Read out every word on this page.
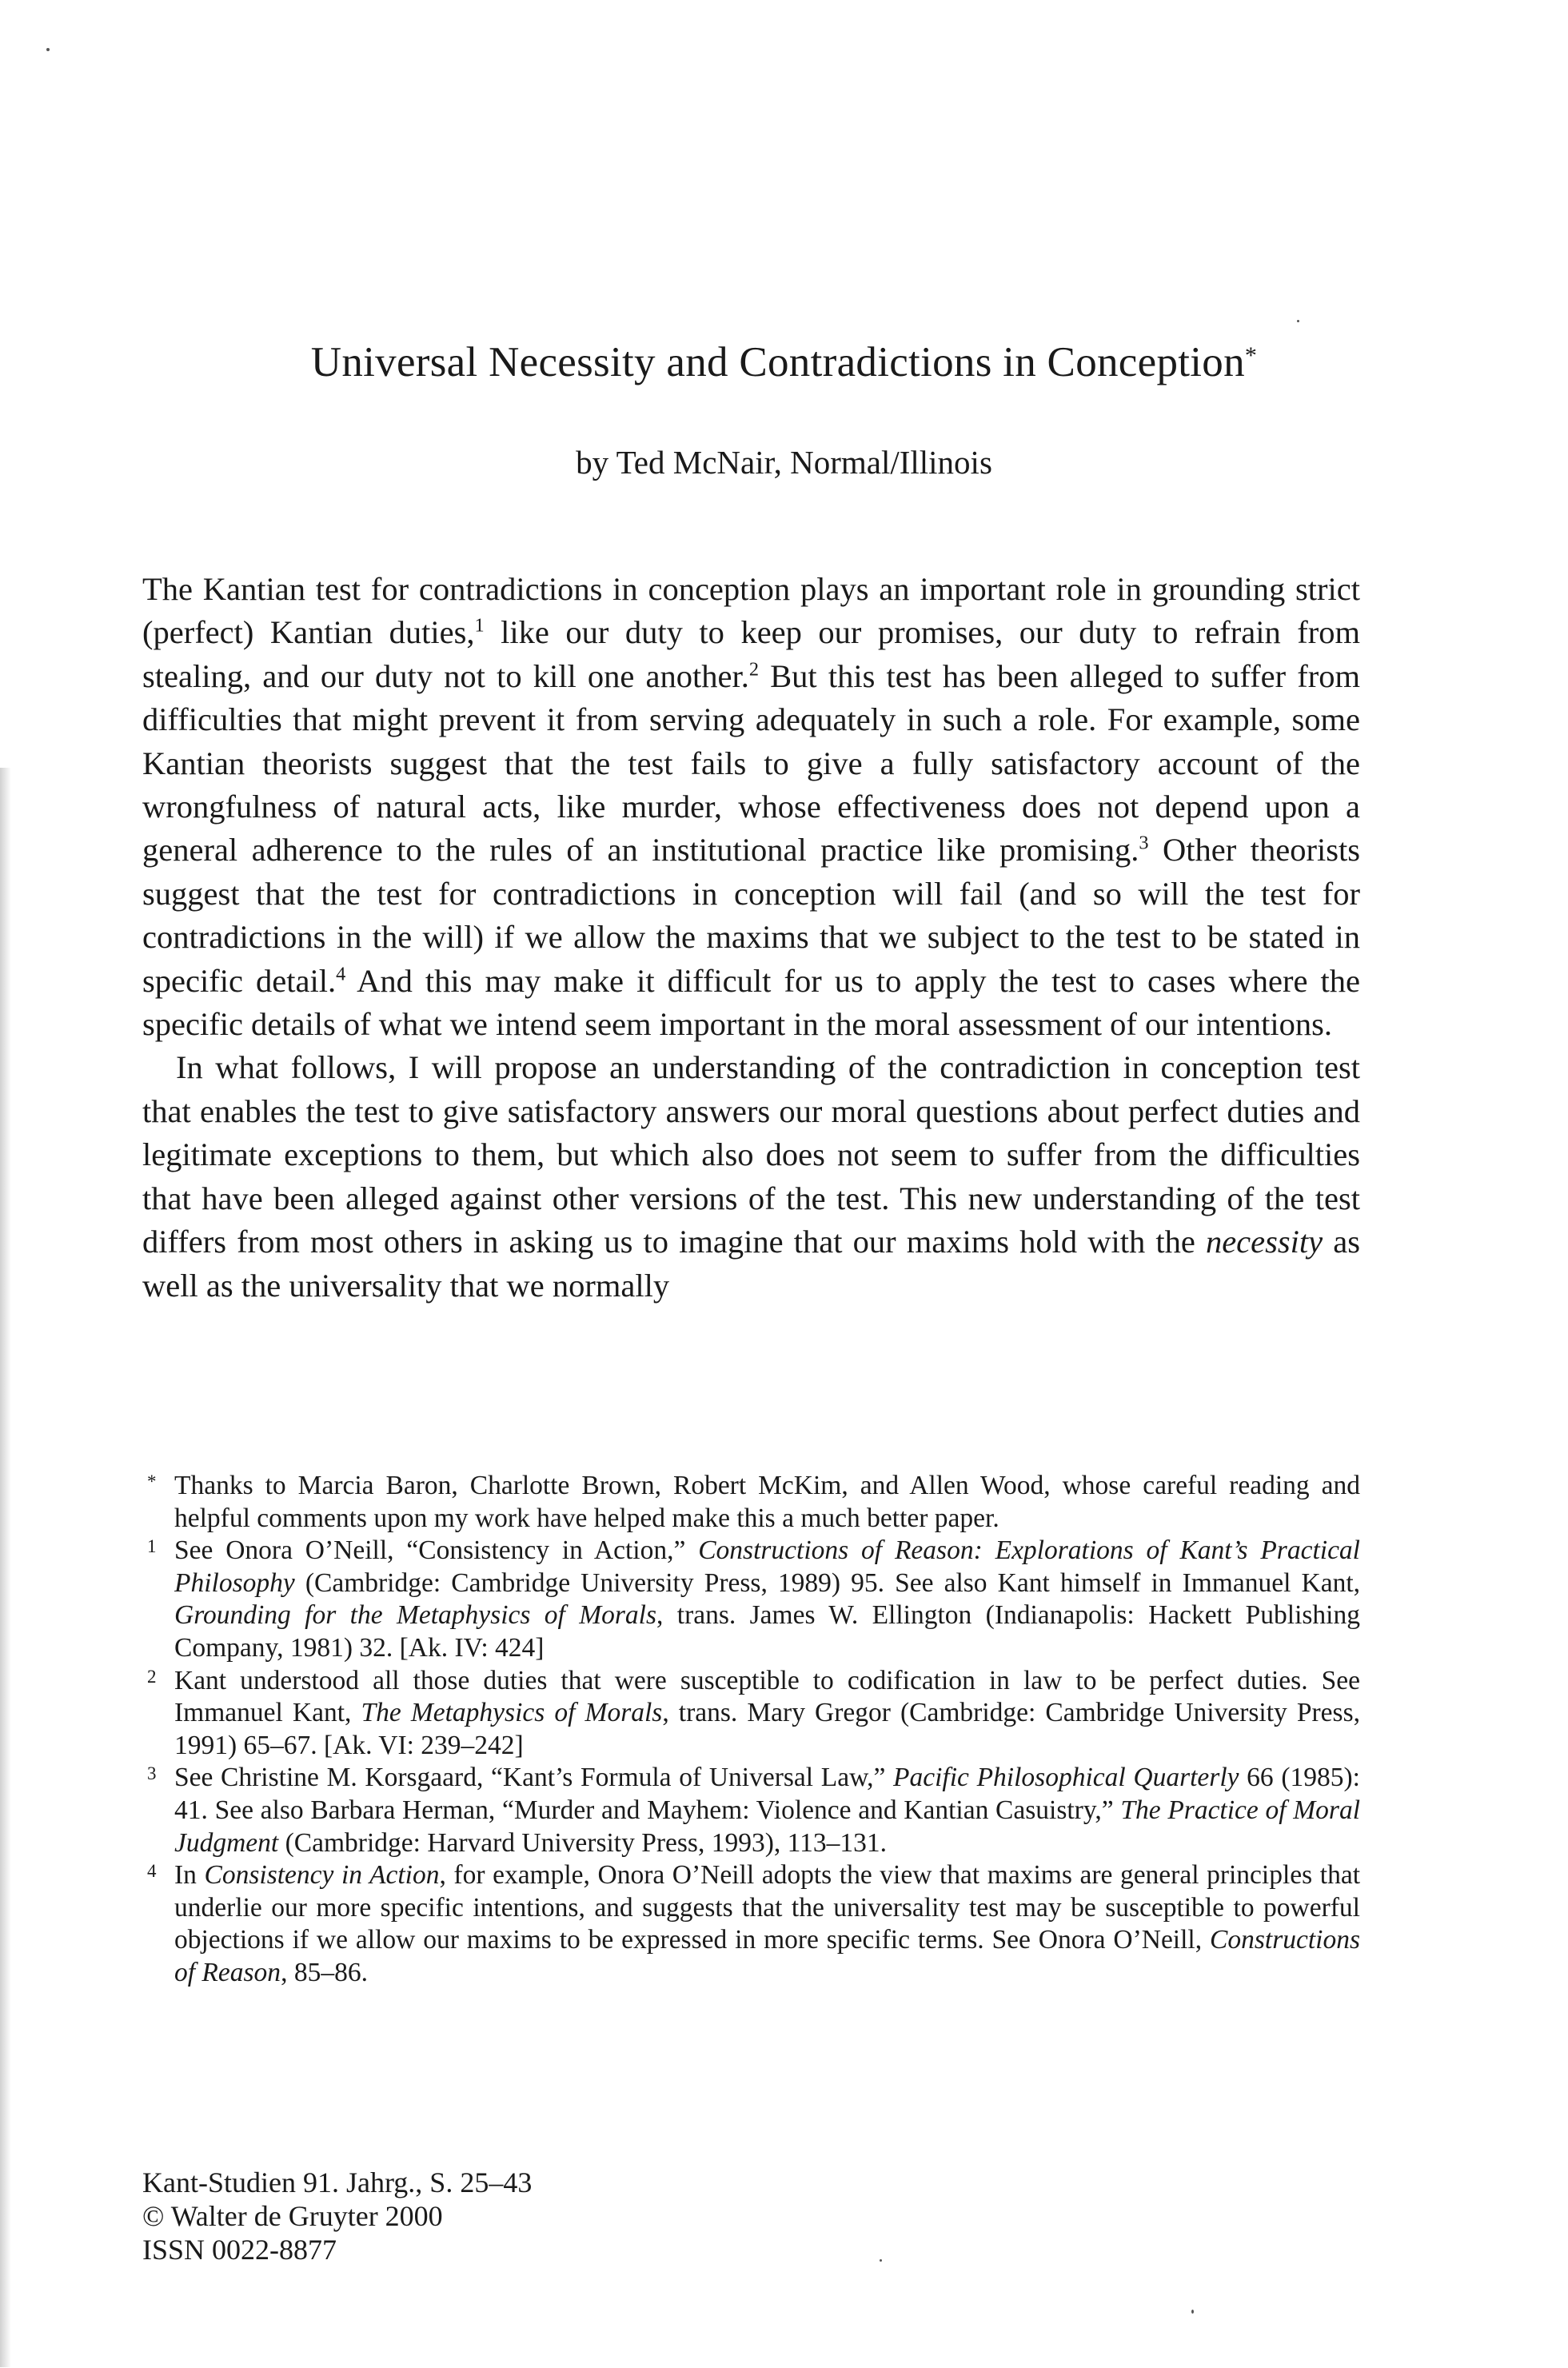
Universal Necessity and Contradictions in Conception*
by Ted McNair, Normal/Illinois

The Kantian test for contradictions in conception plays an important role in grounding strict (perfect) Kantian duties,$^1$ like our duty to keep our promises, our duty to refrain from stealing, and our duty not to kill one another.$^2$ But this test has been alleged to suffer from difficulties that might prevent it from serving adequately in such a role. For example, some Kantian theorists suggest that the test fails to give a fully satisfactory account of the wrongfulness of natural acts, like murder, whose effectiveness does not depend upon a general adherence to the rules of an institutional practice like promising.$^3$ Other theorists suggest that the test for contradictions in conception will fail (and so will the test for contradictions in the will) if we allow the maxims that we subject to the test to be stated in specific detail.$^4$ And this may make it difficult for us to apply the test to cases where the specific details of what we intend seem important in the moral assessment of our intentions.

In what follows, I will propose an understanding of the contradiction in conception test that enables the test to give satisfactory answers our moral questions about perfect duties and legitimate exceptions to them, but which also does not seem to suffer from the difficulties that have been alleged against other versions of the test. This new understanding of the test differs from most others in asking us to imagine that our maxims hold with the necessity as well as the universality that we normally

* Thanks to Marcia Baron, Charlotte Brown, Robert McKim, and Allen Wood, whose careful reading and helpful comments upon my work have helped make this a much better paper.
1 See Onora O’Neill, “Consistency in Action,” Constructions of Reason: Explorations of Kant’s Practical Philosophy (Cambridge: Cambridge University Press, 1989) 95. See also Kant himself in Immanuel Kant, Grounding for the Metaphysics of Morals, trans. James W. Ellington (Indianapolis: Hackett Publishing Company, 1981) 32. [Ak. IV: 424]
2 Kant understood all those duties that were susceptible to codification in law to be perfect duties. See Immanuel Kant, The Metaphysics of Morals, trans. Mary Gregor (Cambridge: Cambridge University Press, 1991) 65–67. [Ak. VI: 239–242]
3 See Christine M. Korsgaard, “Kant’s Formula of Universal Law,” Pacific Philosophical Quarterly 66 (1985): 41. See also Barbara Herman, “Murder and Mayhem: Violence and Kantian Casuistry,” The Practice of Moral Judgment (Cambridge: Harvard University Press, 1993), 113–131.
4 In Consistency in Action, for example, Onora O’Neill adopts the view that maxims are general principles that underlie our more specific intentions, and suggests that the universality test may be susceptible to powerful objections if we allow our maxims to be expressed in more specific terms. See Onora O’Neill, Constructions of Reason, 85–86.
Kant-Studien 91. Jahrg., S. 25–43
© Walter de Gruyter 2000
ISSN 0022-8877
